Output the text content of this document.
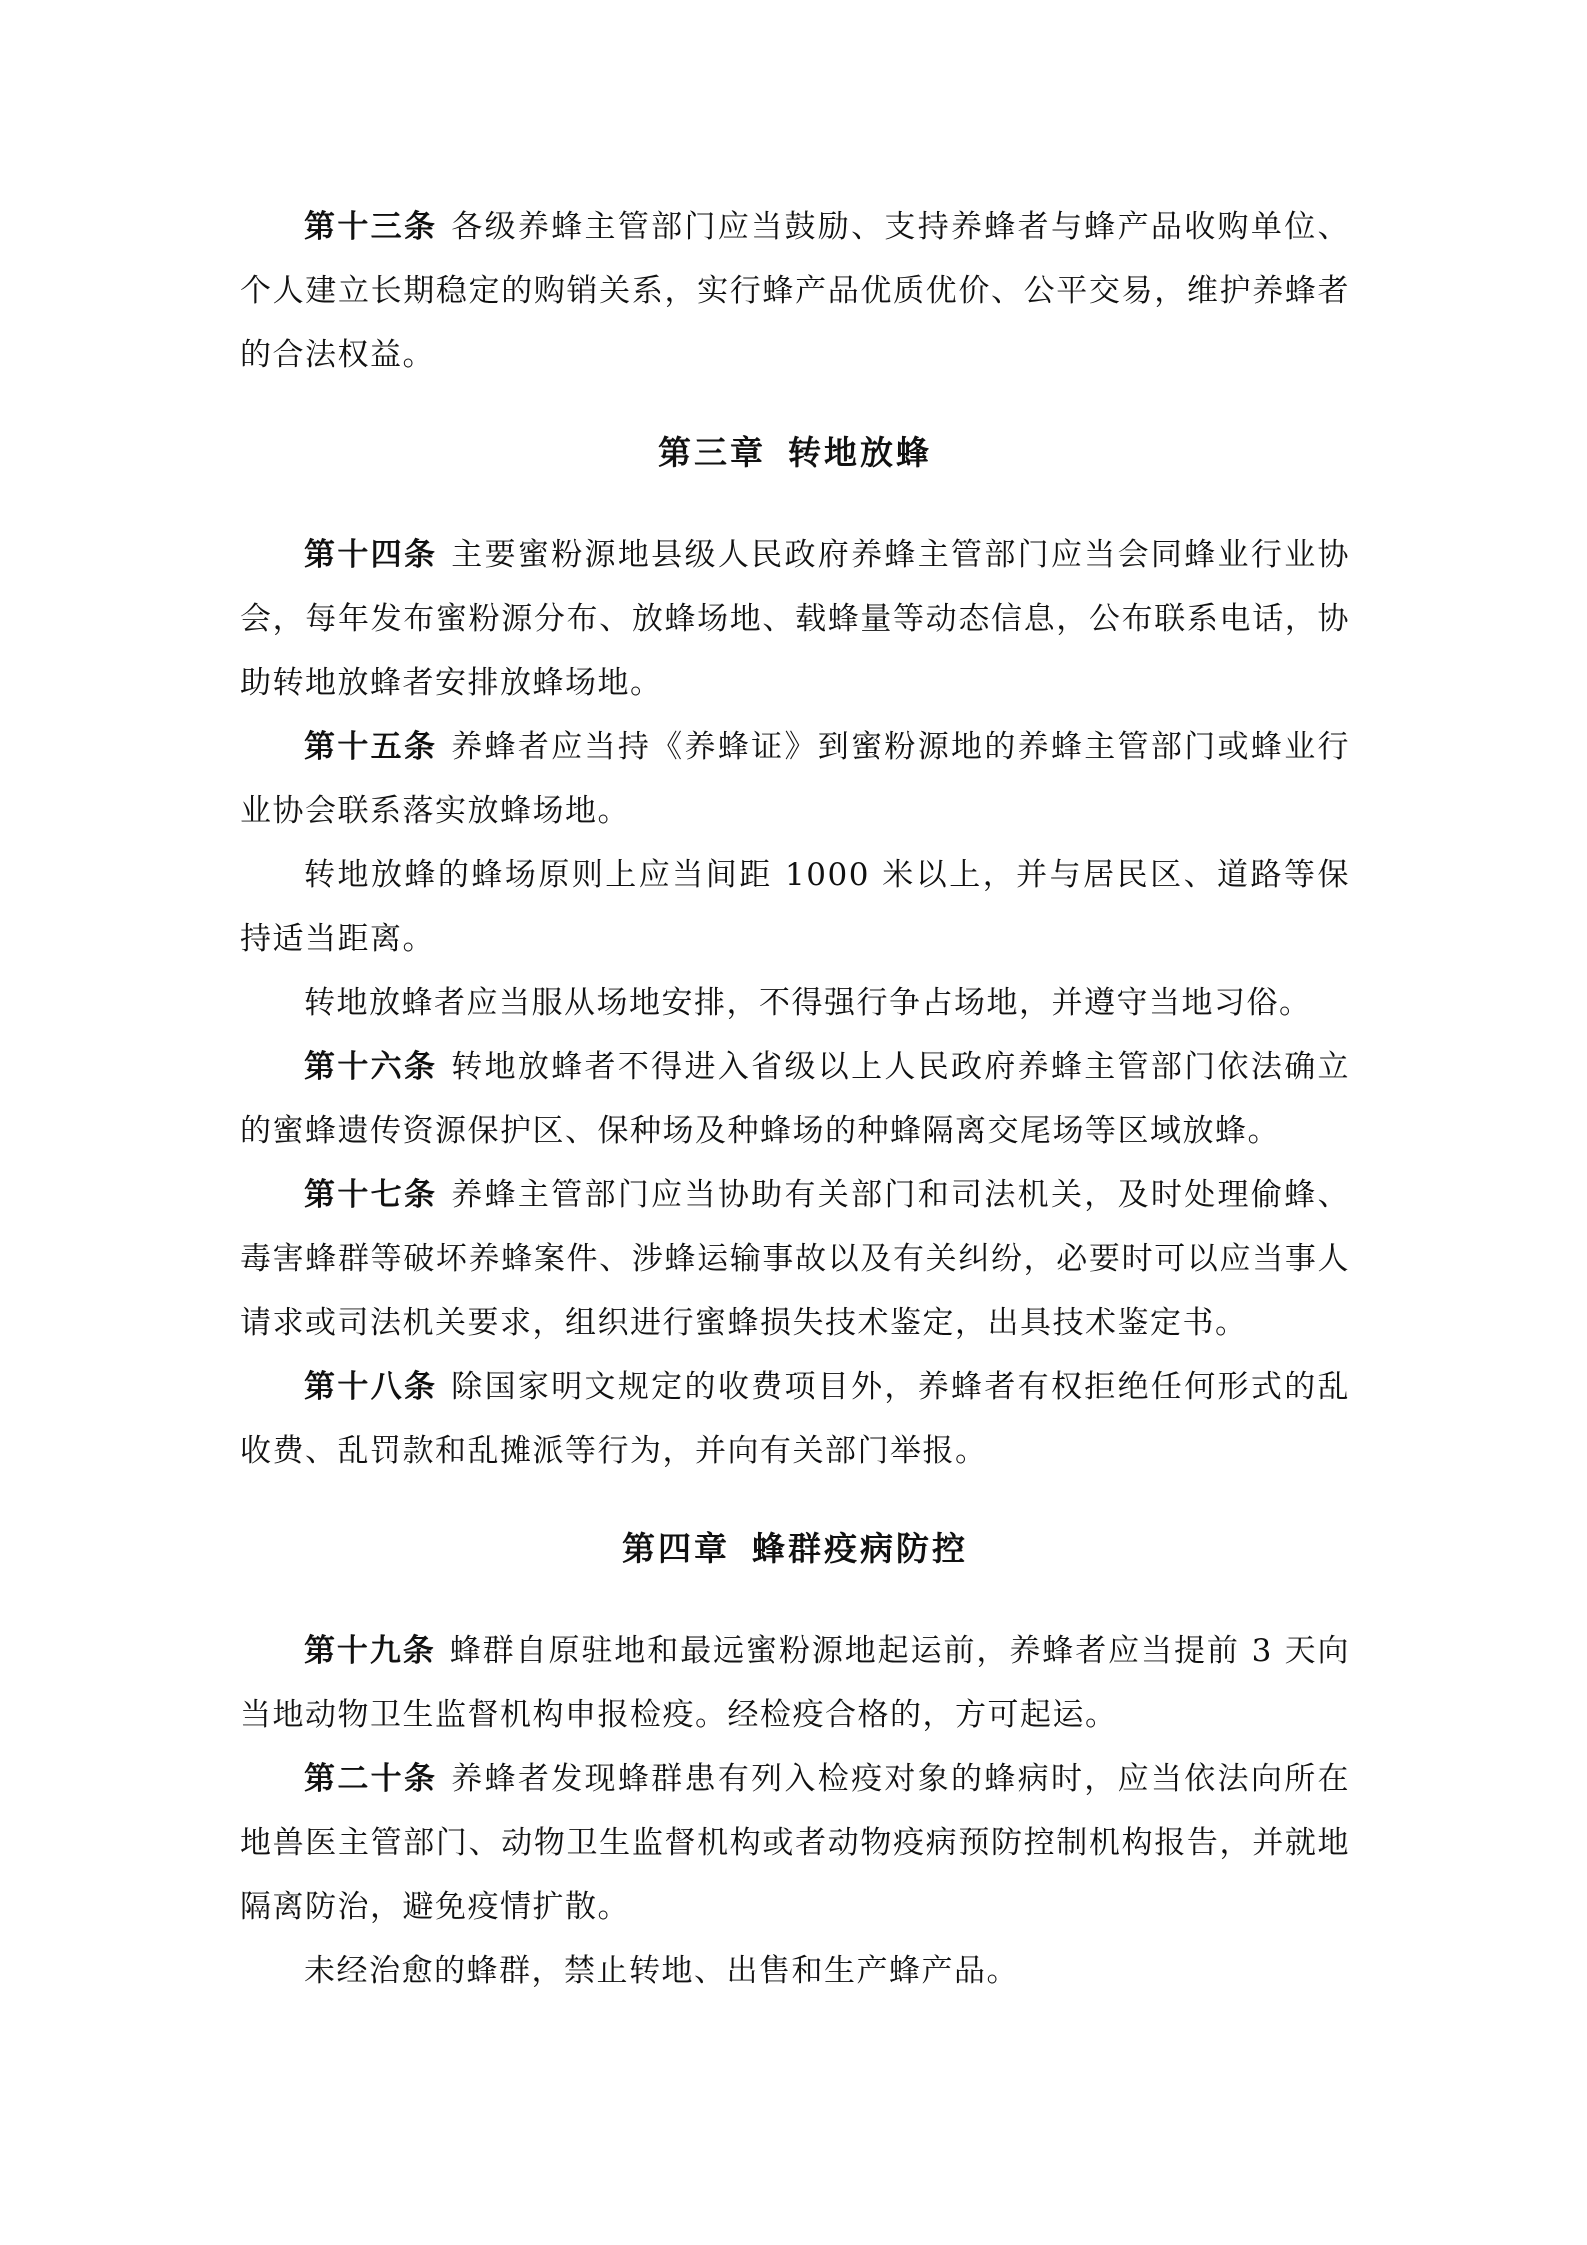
第十三条 各级养蜂主管部门应当鼓励、支持养蜂者与蜂产品收购单位、个人建立长期稳定的购销关系，实行蜂产品优质优价、公平交易，维护养蜂者的合法权益。

第三章 转地放蜂

第十四条 主要蜜粉源地县级人民政府养蜂主管部门应当会同蜂业行业协会，每年发布蜜粉源分布、放蜂场地、载蜂量等动态信息，公布联系电话，协助转地放蜂者安排放蜂场地。

第十五条 养蜂者应当持《养蜂证》到蜜粉源地的养蜂主管部门或蜂业行业协会联系落实放蜂场地。

转地放蜂的蜂场原则上应当间距 1000 米以上，并与居民区、道路等保持适当距离。

转地放蜂者应当服从场地安排，不得强行争占场地，并遵守当地习俗。

第十六条 转地放蜂者不得进入省级以上人民政府养蜂主管部门依法确立的蜜蜂遗传资源保护区、保种场及种蜂场的种蜂隔离交尾场等区域放蜂。

第十七条 养蜂主管部门应当协助有关部门和司法机关，及时处理偷蜂、毒害蜂群等破坏养蜂案件、涉蜂运输事故以及有关纠纷，必要时可以应当事人请求或司法机关要求，组织进行蜜蜂损失技术鉴定，出具技术鉴定书。

第十八条 除国家明文规定的收费项目外，养蜂者有权拒绝任何形式的乱收费、乱罚款和乱摊派等行为，并向有关部门举报。

第四章 蜂群疫病防控

第十九条 蜂群自原驻地和最远蜜粉源地起运前，养蜂者应当提前 3 天向当地动物卫生监督机构申报检疫。经检疫合格的，方可起运。

第二十条 养蜂者发现蜂群患有列入检疫对象的蜂病时，应当依法向所在地兽医主管部门、动物卫生监督机构或者动物疫病预防控制机构报告，并就地隔离防治，避免疫情扩散。

未经治愈的蜂群，禁止转地、出售和生产蜂产品。
